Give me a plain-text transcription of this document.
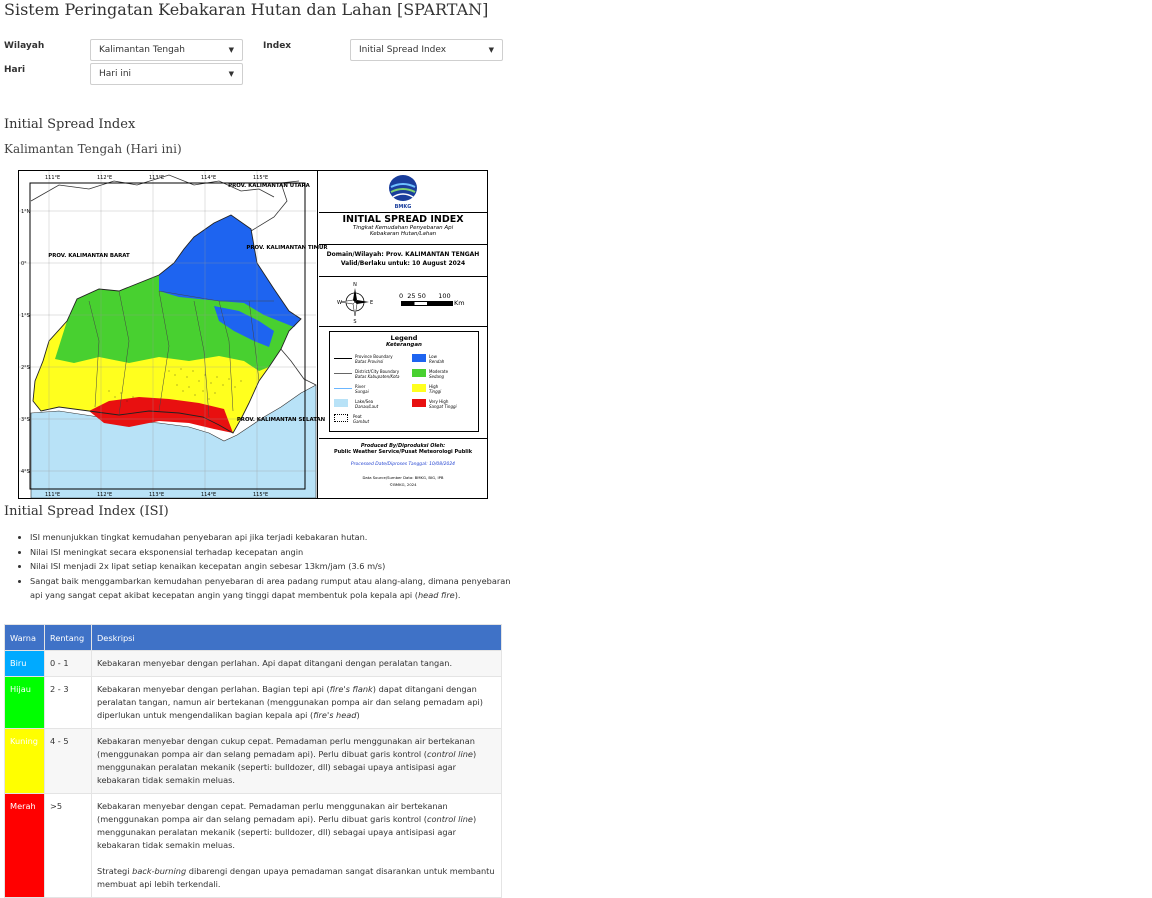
Sistem Peringatan Kebakaran Hutan dan Lahan [SPARTAN]
Wilayah	Kalimantan Tengah	▼	Index	Initial Spread Index	▼
Hari	Hari ini	▼
Initial Spread Index
Kalimantan Tengah (Hari ini)
111°E	112°E	113°E	114°E	115°E
111°E	112°E	113°E	114°E	115°E
1°N
0°
1°S
2°S
3°S
4°S
PROV. KALIMANTAN BARAT
PROV. KALIMANTAN UTARA
PROV. KALIMANTAN TIMUR
PROV. KALIMANTAN SELATAN
BMKG
INITIAL SPREAD INDEX
Tingkat Kemudahan Penyebaran Api
Kebakaran Hutan/Lahan
Domain/Wilayah: Prov. KALIMANTAN TENGAH
Valid/Berlaku untuk: 10 August 2024
N
S
W	E
0  25 50      100
Km
Legend
Keterangan
Province Boundary
Batas Provinsi
Low
Rendah
District/City Boundary
Batas Kabupaten/Kota
Moderate
Sedang
River
Sungai
High
Tinggi
Lake/Sea
Danau/Laut
Very High
Sangat Tinggi
Peat
Gambut
Produced By/Diproduksi Oleh:
Public Weather Service/Pusat Meteorologi Publik
Processed Date/Diproses Tanggal: 10/08/2024
Data Source/Sumber Data: BMKG, BIG, IPB
©BMKG, 2024
Initial Spread Index (ISI)
• ISI menunjukkan tingkat kemudahan penyebaran api jika terjadi kebakaran hutan.
• Nilai ISI meningkat secara eksponensial terhadap kecepatan angin
• Nilai ISI menjadi 2x lipat setiap kenaikan kecepatan angin sebesar 13km/jam (3.6 m/s)
• Sangat baik menggambarkan kemudahan penyebaran di area padang rumput atau alang-alang, dimana penyebaran api yang sangat cepat akibat kecepatan angin yang tinggi dapat membentuk pola kepala api (head fire).
Warna	Rentang	Deskripsi
Biru	0 - 1	Kebakaran menyebar dengan perlahan. Api dapat ditangani dengan peralatan tangan.
Hijau	2 - 3	Kebakaran menyebar dengan perlahan. Bagian tepi api (fire's flank) dapat ditangani dengan peralatan tangan, namun air bertekanan (menggunakan pompa air dan selang pemadam api) diperlukan untuk mengendalikan bagian kepala api (fire's head)
Kuning	4 - 5	Kebakaran menyebar dengan cukup cepat. Pemadaman perlu menggunakan air bertekanan (menggunakan pompa air dan selang pemadam api). Perlu dibuat garis kontrol (control line) menggunakan peralatan mekanik (seperti: bulldozer, dll) sebagai upaya antisipasi agar kebakaran tidak semakin meluas.
Merah	>5	Kebakaran menyebar dengan cepat. Pemadaman perlu menggunakan air bertekanan (menggunakan pompa air dan selang pemadam api). Perlu dibuat garis kontrol (control line) menggunakan peralatan mekanik (seperti: bulldozer, dll) sebagai upaya antisipasi agar kebakaran tidak semakin meluas.

Strategi back-burning dibarengi dengan upaya pemadaman sangat disarankan untuk membantu membuat api lebih terkendali.
